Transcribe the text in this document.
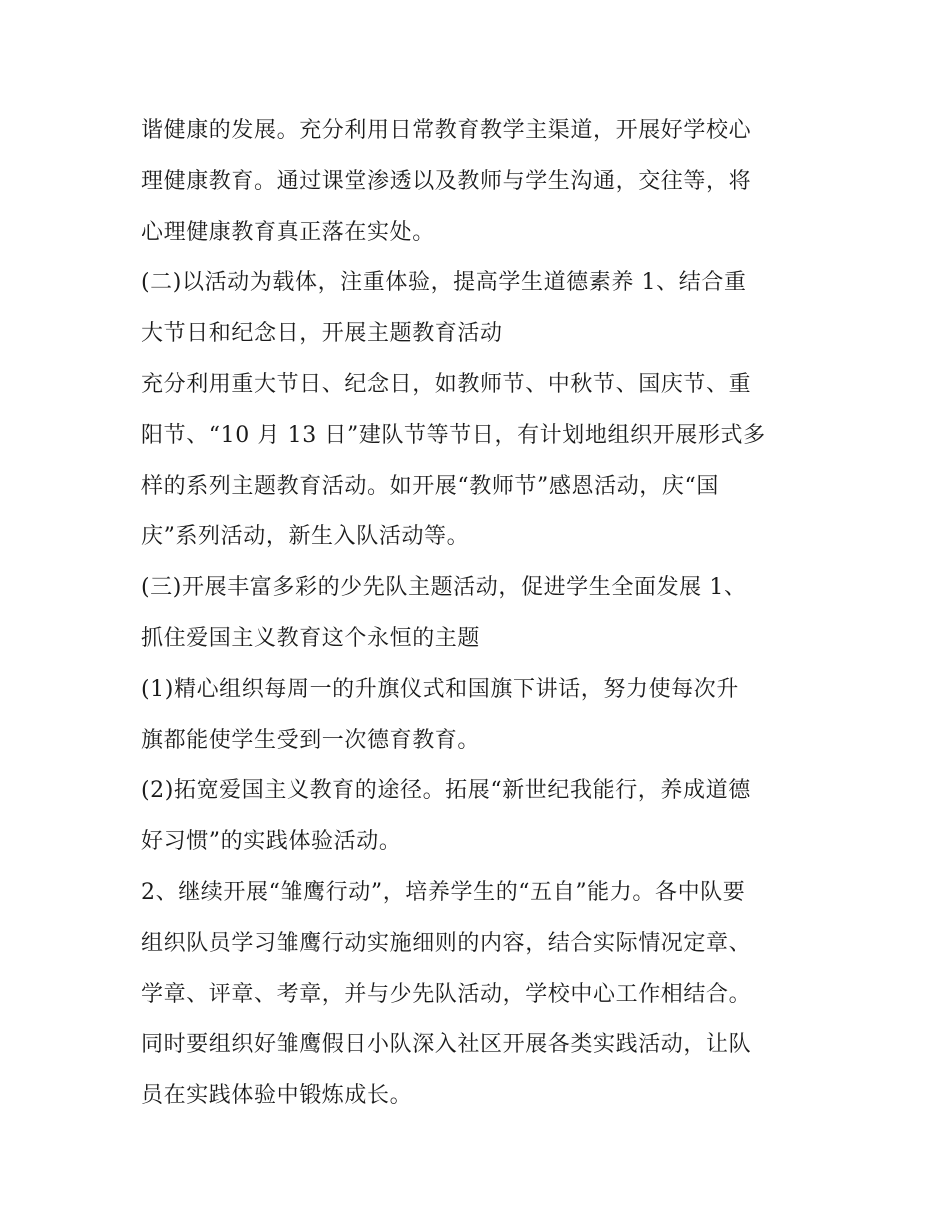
谐健康的发展。充分利用日常教育教学主渠道，开展好学校心
理健康教育。通过课堂渗透以及教师与学生沟通，交往等，将
心理健康教育真正落在实处。
(二)以活动为载体，注重体验，提高学生道德素养 1、结合重
大节日和纪念日，开展主题教育活动
充分利用重大节日、纪念日，如教师节、中秋节、国庆节、重
阳节、“10 月 13 日”建队节等节日，有计划地组织开展形式多
样的系列主题教育活动。如开展“教师节”感恩活动，庆“国
庆”系列活动，新生入队活动等。
(三)开展丰富多彩的少先队主题活动，促进学生全面发展 1、
抓住爱国主义教育这个永恒的主题
(1)精心组织每周一的升旗仪式和国旗下讲话，努力使每次升
旗都能使学生受到一次德育教育。
(2)拓宽爱国主义教育的途径。拓展“新世纪我能行，养成道德
好习惯”的实践体验活动。
2、继续开展“雏鹰行动”，培养学生的“五自”能力。各中队要
组织队员学习雏鹰行动实施细则的内容，结合实际情况定章、
学章、评章、考章，并与少先队活动，学校中心工作相结合。
同时要组织好雏鹰假日小队深入社区开展各类实践活动，让队
员在实践体验中锻炼成长。
